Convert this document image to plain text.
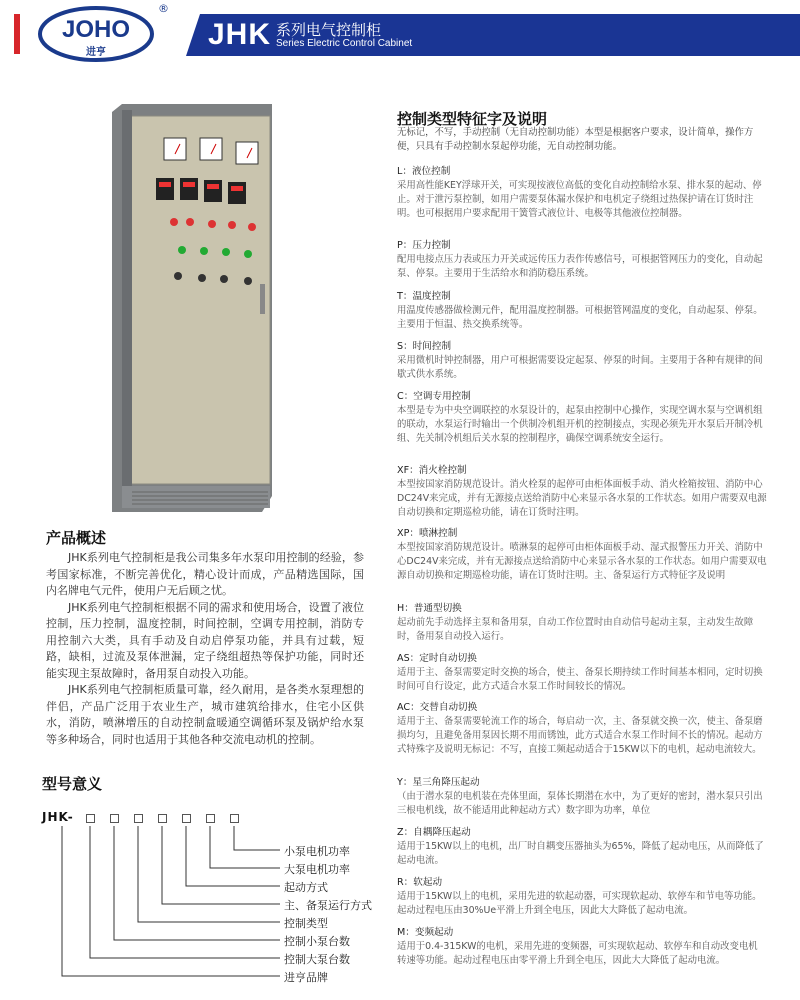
JOHO
进亨
®
JHK 系列电气控制柜
Series Electric Control Cabinet
产品概述

JHK系列电气控制柜是我公司集多年水泵印用控制的经验，参考国家标准，不断完善优化，精心设计而成，产品精选国际，国内名牌电气元件，使用户无后顾之忧。

JHK系列电气控制柜根据不同的需求和使用场合，设置了液位控制，压力控制，温度控制，时间控制，空调专用控制，消防专用控制六大类，具有手动及自动启停泵功能，并具有过载，短路，缺相，过流及泵体泄漏，定子绕组超热等保护功能，同时还能实现主泵故障时，备用泵自动投入功能。

JHK系列电气控制柜质量可靠，经久耐用，是各类水泵理想的伴侣，产品广泛用于农业生产，城市建筑给排水，住宅小区供水，消防，喷淋增压的自动控制盒暖通空调循环泵及锅炉给水泵等多种场合，同时也适用于其他各种交流电动机的控制。

型号意义
JHK-
小泵电机功率
大泵电机功率
起动方式
主、备泵运行方式
控制类型
控制小泵台数
控制大泵台数
进亨品牌
控制类型特征字及说明
无标记，不写，手动控制（无自动控制功能）本型是根据客户要求，设计简单，操作方便，只具有手动控制水泵起停功能，无自动控制功能。
L：液位控制
采用高性能KEY浮球开关，可实现按液位高低的变化自动控制给水泵、排水泵的起动、停止。对于泄污泵控制，如用户需要泵体漏水保护和电机定子绕组过热保护请在订货时注明。也可根据用户要求配用干簧管式液位计、电极等其他液位控制器。
P：压力控制
配用电接点压力表或压力开关或远传压力表作传感信号，可根据管网压力的变化，自动起泵、停泵。主要用于生活给水和消防稳压系统。
T：温度控制
用温度传感器做检测元件，配用温度控制器。可根据管网温度的变化，自动起泵、停泵。主要用于恒温、热交换系统等。
S：时间控制
采用微机时钟控制器，用户可根据需要设定起泵、停泵的时间。主要用于各种有规律的间歇式供水系统。
C：空调专用控制
本型是专为中央空调联控的水泵设计的，起泵由控制中心操作，实现空调水泵与空调机组的联动，水泵运行时输出一个供制冷机组开机的控制接点，实现必须先开水泵后开制冷机组、先关制冷机组后关水泵的控制程序，确保空调系统安全运行。
XF：消火栓控制
本型按国家消防规范设计。消火栓泵的起停可由柜体面板手动、消火栓箱按钮、消防中心DC24V来完成，并有无源接点送给消防中心来显示各水泵的工作状态。如用户需要双电源自动切换和定期巡检功能，请在订货时注明。
XP：喷淋控制
本型按国家消防规范设计。喷淋泵的起停可由柜体面板手动、湿式报警压力开关、消防中心DC24V来完成，并有无源接点送给消防中心来显示各水泵的工作状态。如用户需要双电源自动切换和定期巡检功能，请在订货时注明。主、备泵运行方式特征字及说明
H：普通型切换
起动前先手动选择主泵和备用泵，自动工作位置时由自动信号起动主泵，主动发生故障时，备用泵自动投入运行。
AS：定时自动切换
适用于主、备泵需要定时交换的场合，使主、备泵长期持续工作时间基本相同，定时切换时间可自行设定，此方式适合水泵工作时间较长的情况。
AC：交替自动切换
适用于主、备泵需要轮流工作的场合，每启动一次，主、备泵就交换一次，使主、备泵磨损均匀，且避免备用泵因长期不用而锈蚀，此方式适合水泵工作时间不长的情况。起动方式特殊字及说明无标记：不写，直接工频起动适合于15KW以下的电机，起动电流较大。
Y：星三角降压起动
（由于潜水泵的电机装在壳体里面，泵体长期潜在水中，为了更好的密封，潜水泵只引出三根电机线，故不能适用此种起动方式）数字即为功率，单位
Z：自耦降压起动
适用于15KW以上的电机，出厂时自耦变压器抽头为65%，降低了起动电压，从而降低了起动电流。
R：软起动
适用于15KW以上的电机，采用先进的软起动器，可实现软起动、软停车和节电等功能。起动过程电压由30%Ue平滑上升到全电压，因此大大降低了起动电流。
M：变频起动
适用于0.4-315KW的电机，采用先进的变频器，可实现软起动、软停车和自动改变电机转速等功能。起动过程电压由零平滑上升到全电压，因此大大降低了起动电流。
